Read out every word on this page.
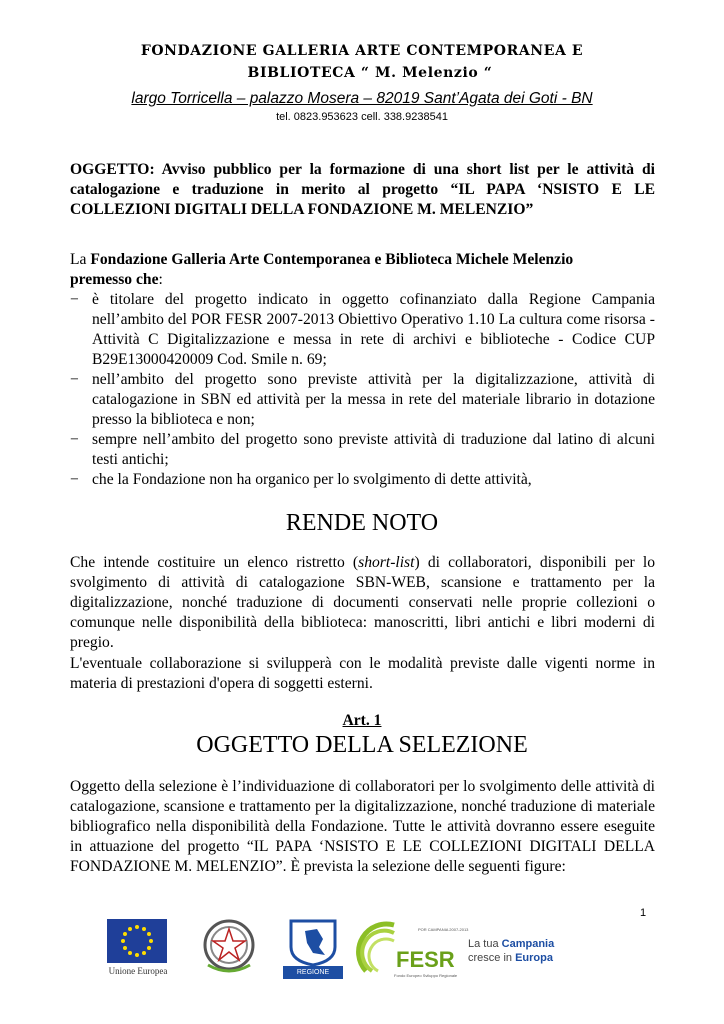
FONDAZIONE GALLERIA ARTE CONTEMPORANEA E
BIBLIOTECA “ M. Melenzio “
largo Torricella – palazzo Mosera – 82019 Sant’Agata dei Goti - BN
tel. 0823.953623 cell. 338.9238541
OGGETTO: Avviso pubblico per la formazione di una short list per le attività di
catalogazione e traduzione in merito al progetto “IL PAPA ‘NSISTO E LE
COLLEZIONI DIGITALI DELLA FONDAZIONE M. MELENZIO”
La Fondazione Galleria Arte Contemporanea e Biblioteca Michele Melenzio
premesso che:
− è titolare del progetto indicato in oggetto cofinanziato dalla Regione Campania nell’ambito del POR FESR 2007-2013 Obiettivo Operativo 1.10 La cultura come risorsa - Attività C Digitalizzazione e messa in rete di archivi e biblioteche - Codice CUP B29E13000420009 Cod. Smile n. 69;
− nell’ambito del progetto sono previste attività per la digitalizzazione, attività di catalogazione in SBN ed attività per la messa in rete del materiale librario in dotazione presso la biblioteca e non;
− sempre nell’ambito del progetto sono previste attività di traduzione dal latino di alcuni testi antichi;
− che la Fondazione non ha organico per lo svolgimento di dette attività,
RENDE NOTO
Che intende costituire un elenco ristretto (short-list) di collaboratori, disponibili per lo svolgimento di attività di catalogazione SBN-WEB, scansione e trattamento per la digitalizzazione, nonché traduzione di documenti conservati nelle proprie collezioni o comunque nelle disponibilità della biblioteca: manoscritti, libri antichi e libri moderni di pregio.
L'eventuale collaborazione si svilupperà con le modalità previste dalle vigenti norme in materia di prestazioni d'opera di soggetti esterni.
Art. 1
OGGETTO DELLA SELEZIONE
Oggetto della selezione è l’individuazione di collaboratori per lo svolgimento delle attività di catalogazione, scansione e trattamento per la digitalizzazione, nonché traduzione di materiale bibliografico nella disponibilità della Fondazione. Tutte le attività dovranno essere eseguite in attuazione del progetto “IL PAPA ‘NSISTO E LE COLLEZIONI DIGITALI DELLA FONDAZIONE M. MELENZIO”. È prevista la selezione delle seguenti figure:
1
Unione Europea	REGIONE CAMPANIA
FESR
POR CAMPANIA 2007-2013
Fondo Europeo Sviluppo Regionale
La tua Campania
cresce in Europa
